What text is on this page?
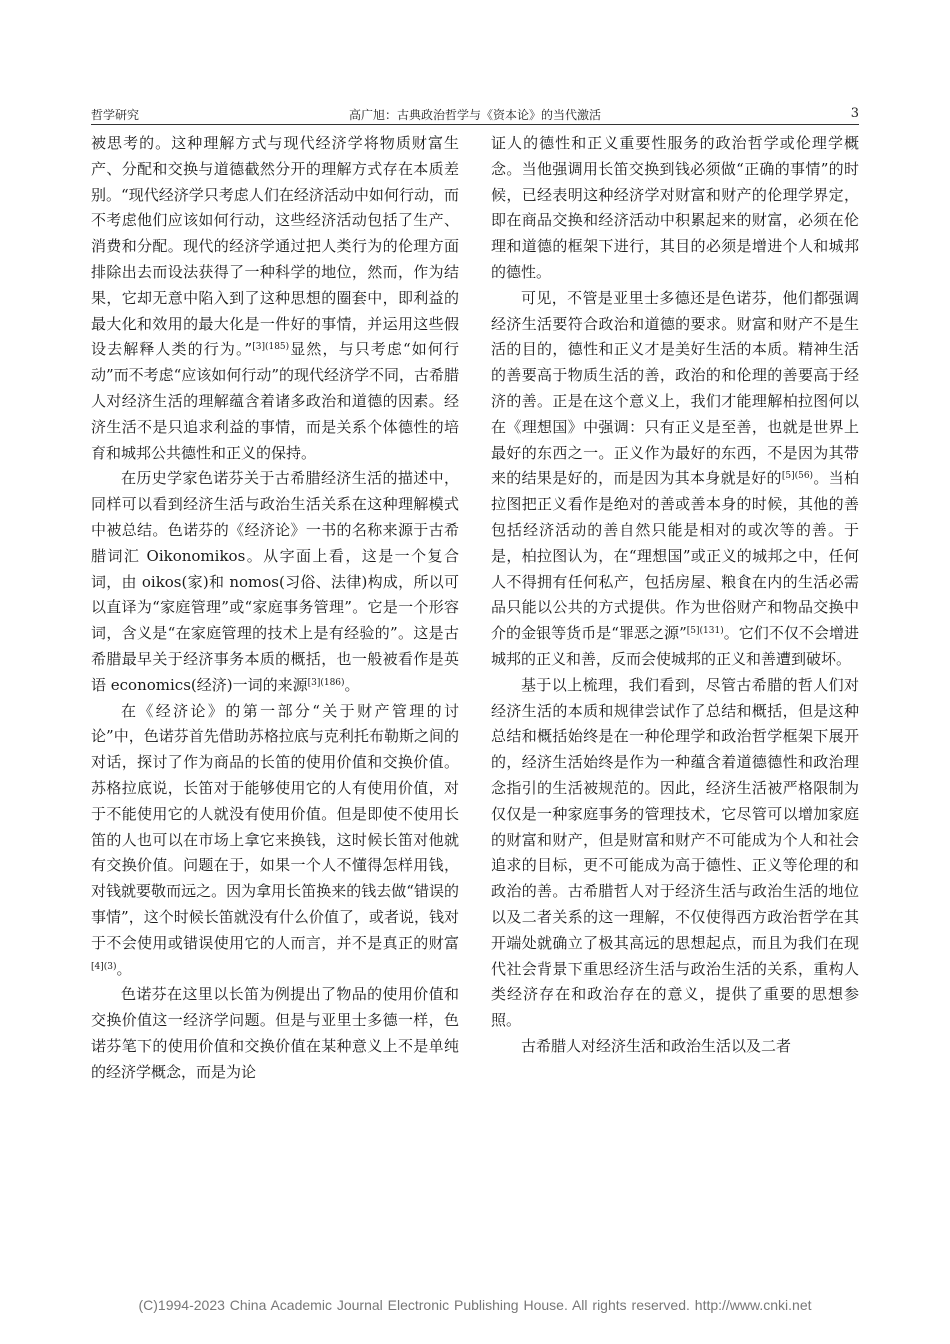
哲学研究	高广旭：古典政治哲学与《资本论》的当代激活	3

被思考的。这种理解方式与现代经济学将物质财富生产、分配和交换与道德截然分开的理解方式存在本质差别。“现代经济学只考虑人们在经济活动中如何行动，而不考虑他们应该如何行动，这些经济活动包括了生产、消费和分配。现代的经济学通过把人类行为的伦理方面排除出去而设法获得了一种科学的地位，然而，作为结果，它却无意中陷入到了这种思想的圈套中，即利益的最大化和效用的最大化是一件好的事情，并运用这些假设去解释人类的行为。”$^{[3](185)}$显然，与只考虑“如何行动”而不考虑“应该如何行动”的现代经济学不同，古希腊人对经济生活的理解蕴含着诸多政治和道德的因素。经济生活不是只追求利益的事情，而是关系个体德性的培育和城邦公共德性和正义的保持。

在历史学家色诺芬关于古希腊经济生活的描述中，同样可以看到经济生活与政治生活关系在这种理解模式中被总结。色诺芬的《经济论》一书的名称来源于古希腊词汇 Oikonomikos。从字面上看，这是一个复合词，由 oikos(家)和 nomos(习俗、法律)构成，所以可以直译为“家庭管理”或“家庭事务管理”。它是一个形容词，含义是“在家庭管理的技术上是有经验的”。这是古希腊最早关于经济事务本质的概括，也一般被看作是英语 economics(经济)一词的来源$^{[3](186)}$。

在《经济论》的第一部分“关于财产管理的讨论”中，色诺芬首先借助苏格拉底与克利托布勒斯之间的对话，探讨了作为商品的长笛的使用价值和交换价值。苏格拉底说，长笛对于能够使用它的人有使用价值，对于不能使用它的人就没有使用价值。但是即使不使用长笛的人也可以在市场上拿它来换钱，这时候长笛对他就有交换价值。问题在于，如果一个人不懂得怎样用钱，对钱就要敬而远之。因为拿用长笛换来的钱去做“错误的事情”，这个时候长笛就没有什么价值了，或者说，钱对于不会使用或错误使用它的人而言，并不是真正的财富$^{[4](3)}$。

色诺芬在这里以长笛为例提出了物品的使用价值和交换价值这一经济学问题。但是与亚里士多德一样，色诺芬笔下的使用价值和交换价值在某种意义上不是单纯的经济学概念，而是为论

证人的德性和正义重要性服务的政治哲学或伦理学概念。当他强调用长笛交换到钱必须做“正确的事情”的时候，已经表明这种经济学对财富和财产的伦理学界定，即在商品交换和经济活动中积累起来的财富，必须在伦理和道德的框架下进行，其目的必须是增进个人和城邦的德性。

可见，不管是亚里士多德还是色诺芬，他们都强调经济生活要符合政治和道德的要求。财富和财产不是生活的目的，德性和正义才是美好生活的本质。精神生活的善要高于物质生活的善，政治的和伦理的善要高于经济的善。正是在这个意义上，我们才能理解柏拉图何以在《理想国》中强调：只有正义是至善，也就是世界上最好的东西之一。正义作为最好的东西，不是因为其带来的结果是好的，而是因为其本身就是好的$^{[5](56)}$。当柏拉图把正义看作是绝对的善或善本身的时候，其他的善包括经济活动的善自然只能是相对的或次等的善。于是，柏拉图认为，在“理想国”或正义的城邦之中，任何人不得拥有任何私产，包括房屋、粮食在内的生活必需品只能以公共的方式提供。作为世俗财产和物品交换中介的金银等货币是“罪恶之源”$^{[5](131)}$。它们不仅不会增进城邦的正义和善，反而会使城邦的正义和善遭到破坏。

基于以上梳理，我们看到，尽管古希腊的哲人们对经济生活的本质和规律尝试作了总结和概括，但是这种总结和概括始终是在一种伦理学和政治哲学框架下展开的，经济生活始终是作为一种蕴含着道德德性和政治理念指引的生活被规范的。因此，经济生活被严格限制为仅仅是一种家庭事务的管理技术，它尽管可以增加家庭的财富和财产，但是财富和财产不可能成为个人和社会追求的目标，更不可能成为高于德性、正义等伦理的和政治的善。古希腊哲人对于经济生活与政治生活的地位以及二者关系的这一理解，不仅使得西方政治哲学在其开端处就确立了极其高远的思想起点，而且为我们在现代社会背景下重思经济生活与政治生活的关系，重构人类经济存在和政治存在的意义，提供了重要的思想参照。

古希腊人对经济生活和政治生活以及二者

(C)1994-2023 China Academic Journal Electronic Publishing House. All rights reserved. http://www.cnki.net
